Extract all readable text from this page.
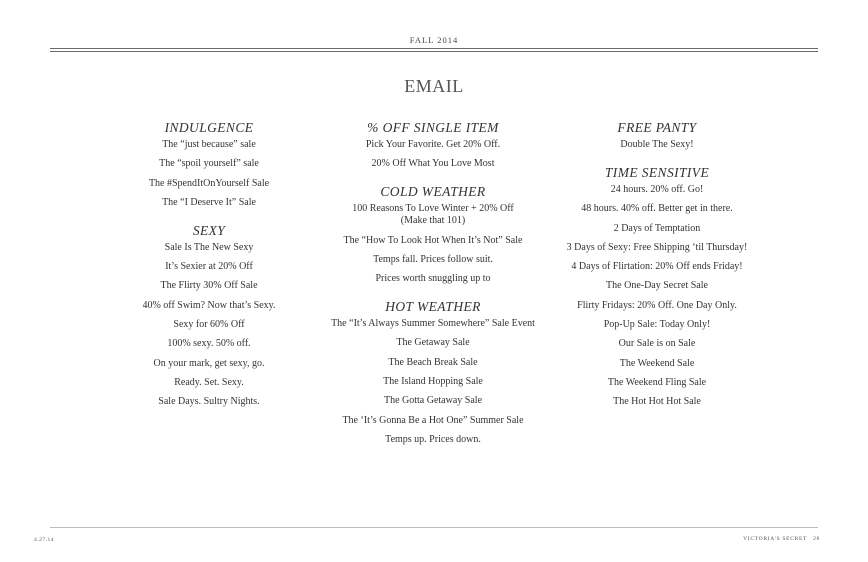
FALL 2014
EMAIL
INDULGENCE
The “just because” sale
The “spoil yourself” sale
The #SpendItOnYourself Sale
The “I Deserve It” Sale
SEXY
Sale Is The New Sexy
It’s Sexier at 20% Off
The Flirty 30% Off Sale
40% off Swim? Now that’s Sexy.
Sexy for 60% Off
100% sexy. 50% off.
On your mark, get sexy, go.
Ready. Set. Sexy.
Sale Days. Sultry Nights.
% OFF SINGLE ITEM
Pick Your Favorite. Get 20% Off.
20% Off What You Love Most
COLD WEATHER
100 Reasons To Love Winter + 20% Off (Make that 101)
The “How To Look Hot When It’s Not” Sale
Temps fall. Prices follow suit.
Prices worth snuggling up to
HOT WEATHER
The “It’s Always Summer Somewhere” Sale Event
The Getaway Sale
The Beach Break Sale
The Island Hopping Sale
The Gotta Getaway Sale
The ‘It’s Gonna Be a Hot One” Summer Sale
Temps up. Prices down.
FREE PANTY
Double The Sexy!
TIME SENSITIVE
24 hours. 20% off. Go!
48 hours. 40% off. Better get in there.
2 Days of Temptation
3 Days of Sexy: Free Shipping ‘til Thursday!
4 Days of Flirtation: 20% Off ends Friday!
The One-Day Secret Sale
Flirty Fridays: 20% Off. One Day Only.
Pop-Up Sale: Today Only!
Our Sale is on Sale
The Weekend Sale
The Weekend Fling Sale
The Hot Hot Hot Sale
4.27.14	VICTORIA'S SECRET 28
